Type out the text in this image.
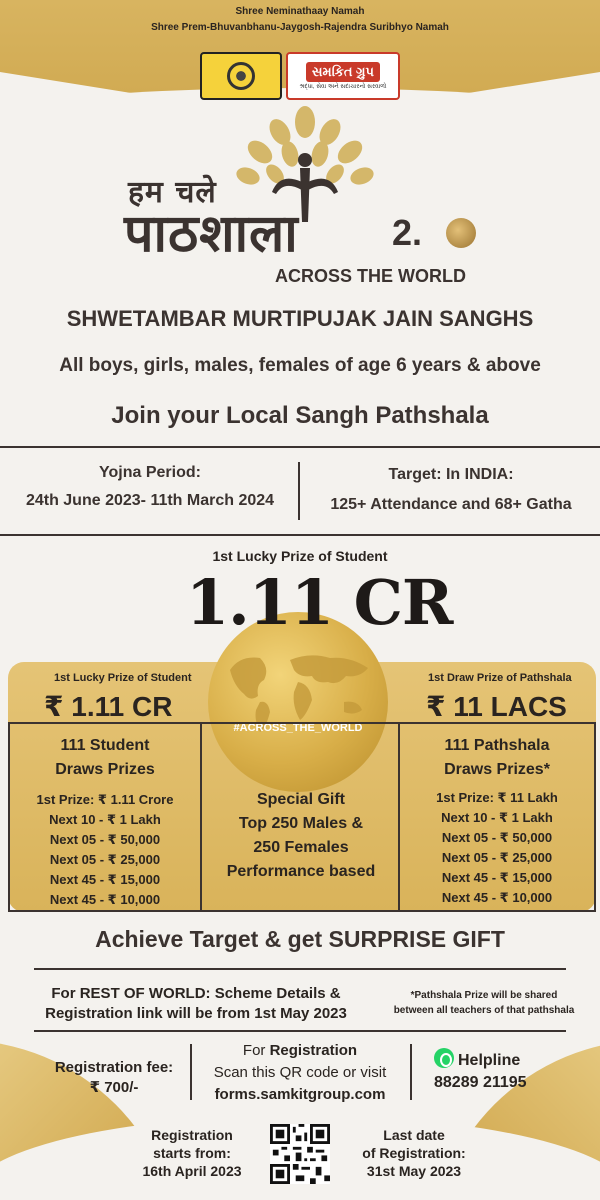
Shree Neminathaay Namah
Shree Prem-Bhuvanbhanu-Jaygosh-Rajendra Suribhyo Namah
સમકિત ગ્રુપ
શ્રદ્ધા, સેવા અને સદાચારનો સરવાળો
हम चले
पाठशाला	2.
ACROSS THE WORLD
SHWETAMBAR MURTIPUJAK JAIN SANGHS
All boys, girls, males, females of age 6 years & above
Join your Local Sangh Pathshala
Yojna Period:
24th June 2023- 11th March 2024
Target: In INDIA:
125+ Attendance and 68+ Gatha
1st Lucky Prize of Student
1.11 CR
#ACROSS_THE_WORLD
1st Lucky Prize of Student
₹ 1.11 CR
1st Draw Prize of Pathshala
₹ 11 LACS
111 Student
Draws Prizes
1st Prize: ₹ 1.11 Crore
Next 10 - ₹ 1 Lakh
Next 05 - ₹ 50,000
Next 05 - ₹ 25,000
Next 45 - ₹ 15,000
Next 45 - ₹ 10,000
Special Gift
Top 250 Males &
250 Females
Performance based
111 Pathshala
Draws Prizes*
1st Prize: ₹ 11 Lakh
Next 10 - ₹ 1 Lakh
Next 05 - ₹ 50,000
Next 05 - ₹ 25,000
Next 45 - ₹ 15,000
Next 45 - ₹ 10,000
Achieve Target & get SURPRISE GIFT
For REST OF WORLD: Scheme Details &
Registration link will be from 1st May 2023
*Pathshala Prize will be shared
between all teachers of that pathshala
Registration fee:
₹ 700/-
For Registration
Scan this QR code or visit
forms.samkitgroup.com
Helpline
88289 21195
Registration
starts from:
16th April 2023
Last date
of Registration:
31st May 2023
